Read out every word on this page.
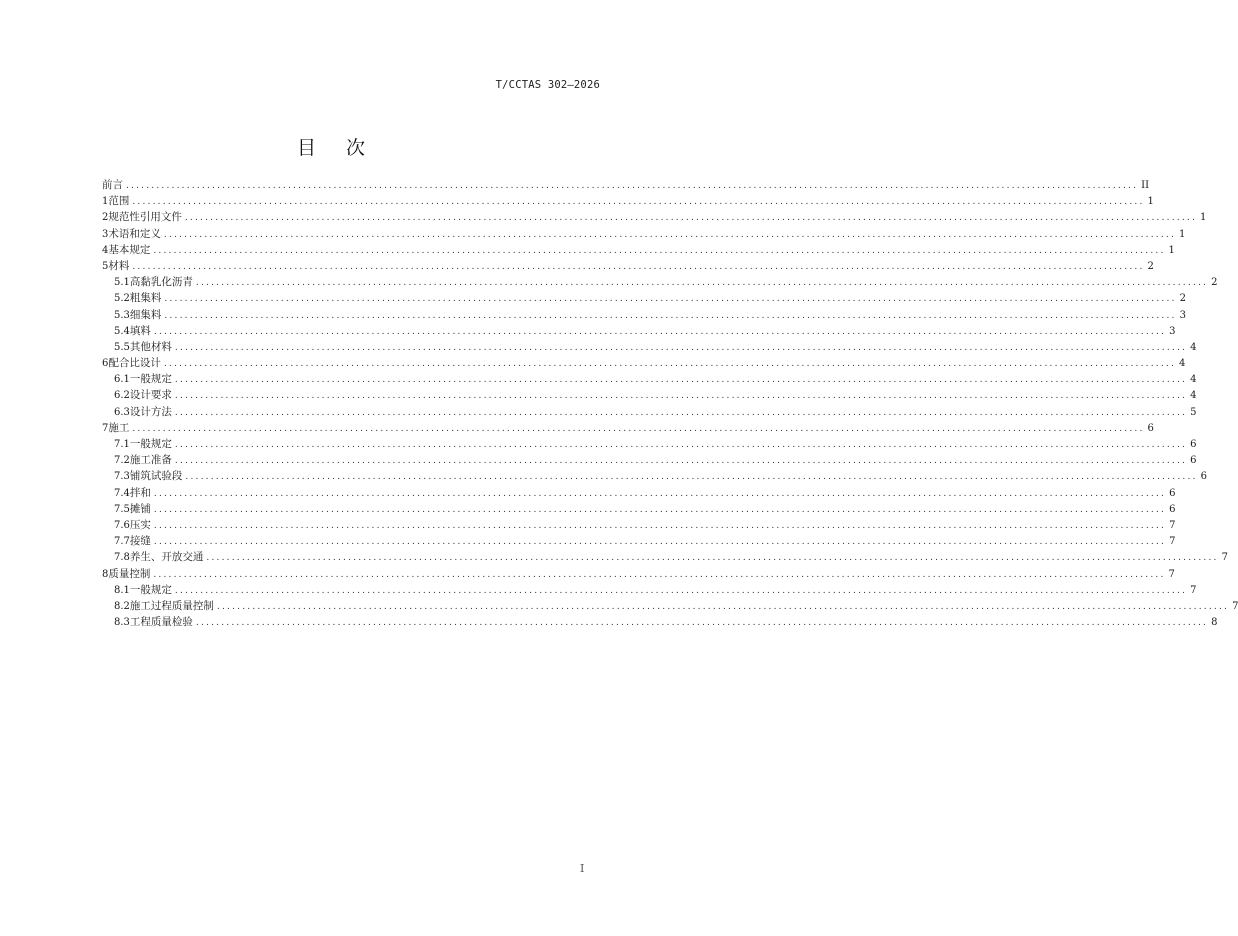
T/CCTAS 302—2026
目次
前言 ........................................................................................................................................................................................................ II
1 范围 ........................................................................................................................................................................................................ 1
2 规范性引用文件 ........................................................................................................................................................................................................ 1
3 术语和定义 ........................................................................................................................................................................................................ 1
4 基本规定 ........................................................................................................................................................................................................ 1
5 材料 ........................................................................................................................................................................................................ 2
5.1 高黏乳化沥青 ........................................................................................................................................................................................................ 2
5.2 粗集料 ........................................................................................................................................................................................................ 2
5.3 细集料 ........................................................................................................................................................................................................ 3
5.4 填料 ........................................................................................................................................................................................................ 3
5.5 其他材料 ........................................................................................................................................................................................................ 4
6 配合比设计 ........................................................................................................................................................................................................ 4
6.1 一般规定 ........................................................................................................................................................................................................ 4
6.2 设计要求 ........................................................................................................................................................................................................ 4
6.3 设计方法 ........................................................................................................................................................................................................ 5
7 施工 ........................................................................................................................................................................................................ 6
7.1 一般规定 ........................................................................................................................................................................................................ 6
7.2 施工准备 ........................................................................................................................................................................................................ 6
7.3 铺筑试验段 ........................................................................................................................................................................................................ 6
7.4 拌和 ........................................................................................................................................................................................................ 6
7.5 摊铺 ........................................................................................................................................................................................................ 6
7.6 压实 ........................................................................................................................................................................................................ 7
7.7 接缝 ........................................................................................................................................................................................................ 7
7.8 养生、开放交通 ........................................................................................................................................................................................................ 7
8 质量控制 ........................................................................................................................................................................................................ 7
8.1 一般规定 ........................................................................................................................................................................................................ 7
8.2 施工过程质量控制 ........................................................................................................................................................................................................ 7
8.3 工程质量检验 ........................................................................................................................................................................................................ 8
I
